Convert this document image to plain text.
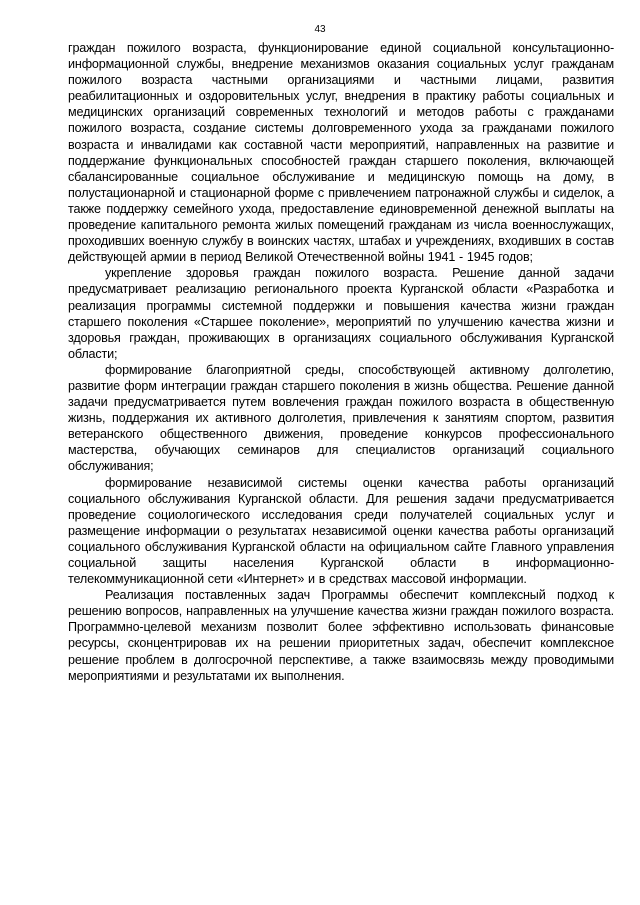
43

граждан пожилого возраста, функционирование единой социальной консультационно-информационной службы, внедрение механизмов оказания социальных услуг гражданам пожилого возраста частными организациями и частными лицами, развития реабилитационных и оздоровительных услуг, внедрения в практику работы социальных и медицинских организаций современных технологий и методов работы с гражданами пожилого возраста, создание системы долговременного ухода за гражданами пожилого возраста и инвалидами как составной части мероприятий, направленных на развитие и поддержание функциональных способностей граждан старшего поколения, включающей сбалансированные социальное обслуживание и медицинскую помощь на дому, в полустационарной и стационарной форме с привлечением патронажной службы и сиделок, а также поддержку семейного ухода, предоставление единовременной денежной выплаты на проведение капитального ремонта жилых помещений гражданам из числа военнослужащих, проходивших военную службу в воинских частях, штабах и учреждениях, входивших в состав действующей армии в период Великой Отечественной войны 1941 - 1945 годов;

укрепление здоровья граждан пожилого возраста. Решение данной задачи предусматривает реализацию регионального проекта Курганской области «Разработка и реализация программы системной поддержки и повышения качества жизни граждан старшего поколения «Старшее поколение», мероприятий по улучшению качества жизни и здоровья граждан, проживающих в организациях социального обслуживания Курганской области;

формирование благоприятной среды, способствующей активному долголетию, развитие форм интеграции граждан старшего поколения в жизнь общества. Решение данной задачи предусматривается путем вовлечения граждан пожилого возраста в общественную жизнь, поддержания их активного долголетия, привлечения к занятиям спортом, развития ветеранского общественного движения, проведение конкурсов профессионального мастерства, обучающих семинаров для специалистов организаций социального обслуживания;

формирование независимой системы оценки качества работы организаций социального обслуживания Курганской области. Для решения задачи предусматривается проведение социологического исследования среди получателей социальных услуг и размещение информации о результатах независимой оценки качества работы организаций социального обслуживания Курганской области на официальном сайте Главного управления социальной защиты населения Курганской области в информационно-телекоммуникационной сети «Интернет» и в средствах массовой информации.

Реализация поставленных задач Программы обеспечит комплексный подход к решению вопросов, направленных на улучшение качества жизни граждан пожилого возраста. Программно-целевой механизм позволит более эффективно использовать финансовые ресурсы, сконцентрировав их на решении приоритетных задач, обеспечит комплексное решение проблем в долгосрочной перспективе, а также взаимосвязь между проводимыми мероприятиями и результатами их выполнения.
